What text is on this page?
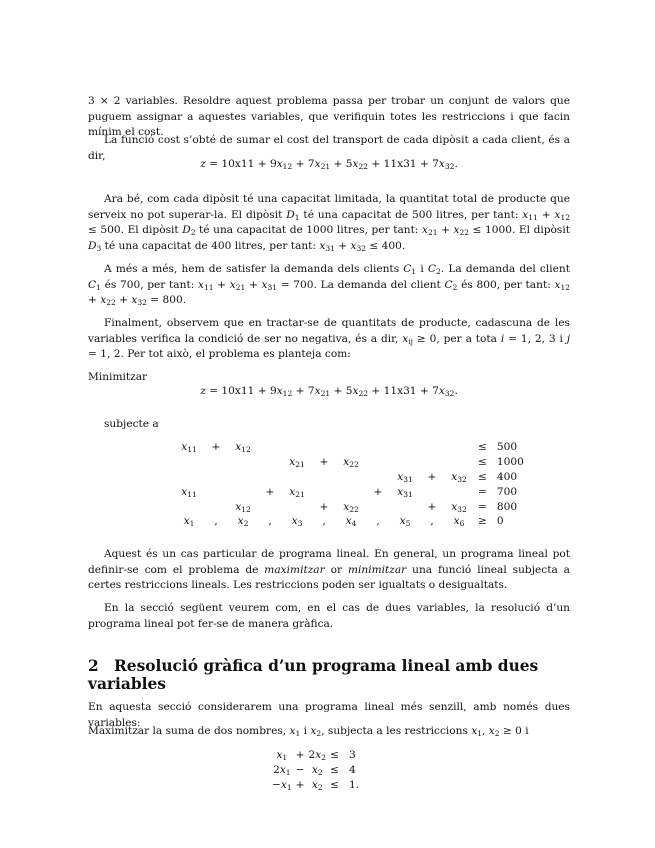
3 × 2 variables. Resoldre aquest problema passa per trobar un conjunt de valors que puguem assignar a aquestes variables, que verifiquin totes les restriccions i que facin mínim el cost.

La funció cost s’obté de sumar el cost del transport de cada dipòsit a cada client, és a dir,

$z = 10x11 + 9x_{12} + 7x_{21} + 5x_{22} + 11x31 + 7x_{32}$.

Ara bé, com cada dipòsit té una capacitat limitada, la quantitat total de producte que serveix no pot superar-la. El dipòsit $D_1$ té una capacitat de 500 litres, per tant: $x_{11} + x_{12} \le 500$. El dipòsit $D_2$ té una capacitat de 1000 litres, per tant: $x_{21} + x_{22} \le 1000$. El dipòsit $D_3$ té una capacitat de 400 litres, per tant: $x_{31} + x_{32} \le 400$.

A més a més, hem de satisfer la demanda dels clients $C_1$ i $C_2$. La demanda del client $C_1$ és 700, per tant: $x_{11} + x_{21} + x_{31} = 700$. La demanda del client $C_2$ és 800, per tant: $x_{12} + x_{22} + x_{32} = 800$.

Finalment, observem que en tractar-se de quantitats de producte, cadascuna de les variables verifica la condició de ser no negativa, és a dir, $x_{ij} \ge 0$, per a tota i = 1, 2, 3 i j = 1, 2. Per tot això, el problema es planteja com:

Minimitzar
$z = 10x11 + 9x_{12} + 7x_{21} + 5x_{22} + 11x31 + 7x_{32}$.
subjecte a
$x_{11}$	+	$x_{12}$									≤	500
				$x_{21}$	+	$x_{22}$					≤	1000
								$x_{31}$	+	$x_{32}$	≤	400
$x_{11}$			+	$x_{21}$			+	$x_{31}$			=	700
		$x_{12}$			+	$x_{22}$			+	$x_{32}$	=	800
$x_1$	,	$x_2$	,	$x_3$	,	$x_4$	,	$x_5$	,	$x_6$	≥	0

Aquest és un cas particular de programa lineal. En general, un programa lineal pot definir-se com el problema de maximitzar or minimitzar una funció lineal subjecta a certes restriccions lineals. Les restriccions poden ser igualtats o desigualtats.

En la secció següent veurem com, en el cas de dues variables, la resolució d’un programa lineal pot fer-se de manera gràfica.

2 Resolució gràfica d’un programa lineal amb dues variables

En aquesta secció considerarem una programa lineal més senzill, amb només dues variables:

Maximitzar la suma de dos nombres, $x_1$ i $x_2$, subjecta a les restriccions $x_1$, $x_2 \ge 0$ i

$x_1$	+	$2x_2$	≤	3
$2x_1$	−	$x_2$	≤	4
$-x_1$	+	$x_2$	≤	1.
